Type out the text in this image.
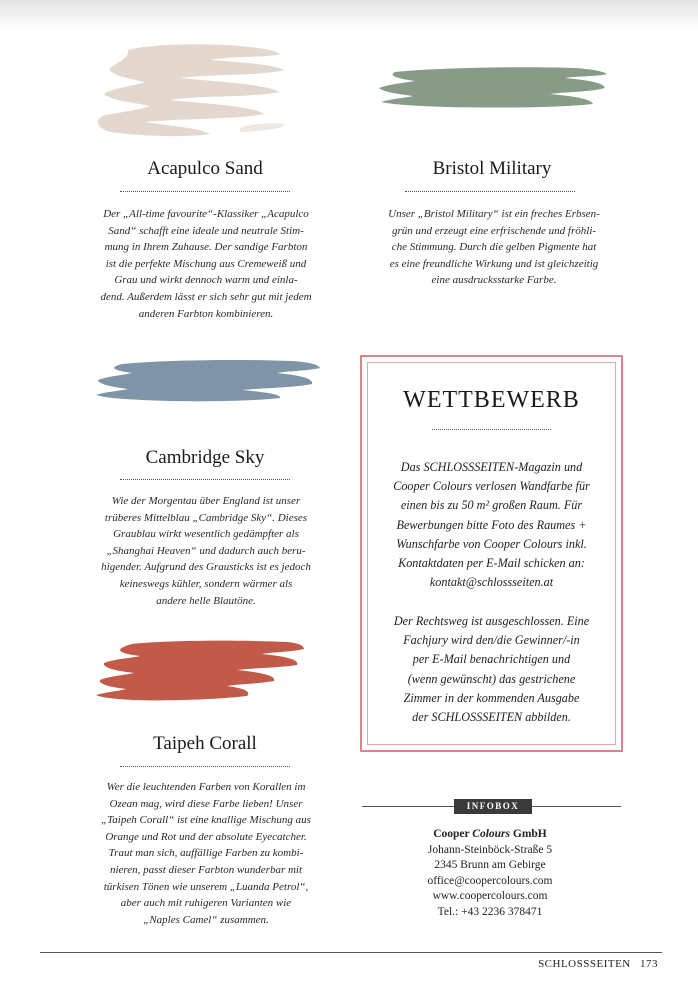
Acapulco Sand

Der „All-time favourite“-Klassiker „Acapulco

Sand“ schafft eine ideale und neutrale Stim-

mung in Ihrem Zuhause. Der sandige Farbton

ist die perfekte Mischung aus Cremeweiß und

Grau und wirkt dennoch warm und einla-

dend. Außerdem lässt er sich sehr gut mit jedem

anderen Farbton kombinieren.

Bristol Military

Unser „Bristol Military“ ist ein freches Erbsen-

grün und erzeugt eine erfrischende und fröhli-

che Stimmung. Durch die gelben Pigmente hat

es eine freundliche Wirkung und ist gleichzeitig

eine ausdrucksstarke Farbe.

Cambridge Sky

Wie der Morgentau über England ist unser

trüberes Mittelblau „Cambridge Sky“. Dieses

Graublau wirkt wesentlich gedämpfter als

„Shanghai Heaven“ und dadurch auch beru-

higender. Aufgrund des Grausticks ist es jedoch

keineswegs kühler, sondern wärmer als

andere helle Blautöne.

Taipeh Corall

Wer die leuchtenden Farben von Korallen im

Ozean mag, wird diese Farbe lieben! Unser

„Taipeh Corall“ ist eine knallige Mischung aus

Orange und Rot und der absolute Eyecatcher.

Traut man sich, auffällige Farben zu kombi-

nieren, passt dieser Farbton wunderbar mit

türkisen Tönen wie unserem „Luanda Petrol“,

aber auch mit ruhigeren Varianten wie

„Naples Camel“ zusammen.

WETTBEWERB

Das SCHLOSSSEITEN-Magazin und

Cooper Colours verlosen Wandfarbe für

einen bis zu 50 m² großen Raum. Für

Bewerbungen bitte Foto des Raumes +

Wunschfarbe von Cooper Colours inkl.

Kontaktdaten per E-Mail schicken an:

kontakt@schlossseiten.at

Der Rechtsweg ist ausgeschlossen. Eine

Fachjury wird den/die Gewinner/-in

per E-Mail benachrichtigen und

(wenn gewünscht) das gestrichene

Zimmer in der kommenden Ausgabe

der SCHLOSSSEITEN abbilden.

INFOBOX
Cooper Colours GmbH
Johann-Steinböck-Straße 5
2345 Brunn am Gebirge
office@coopercolours.com
www.coopercolours.com
Tel.: +43 2236 378471
SCHLOSSSEITEN 173
